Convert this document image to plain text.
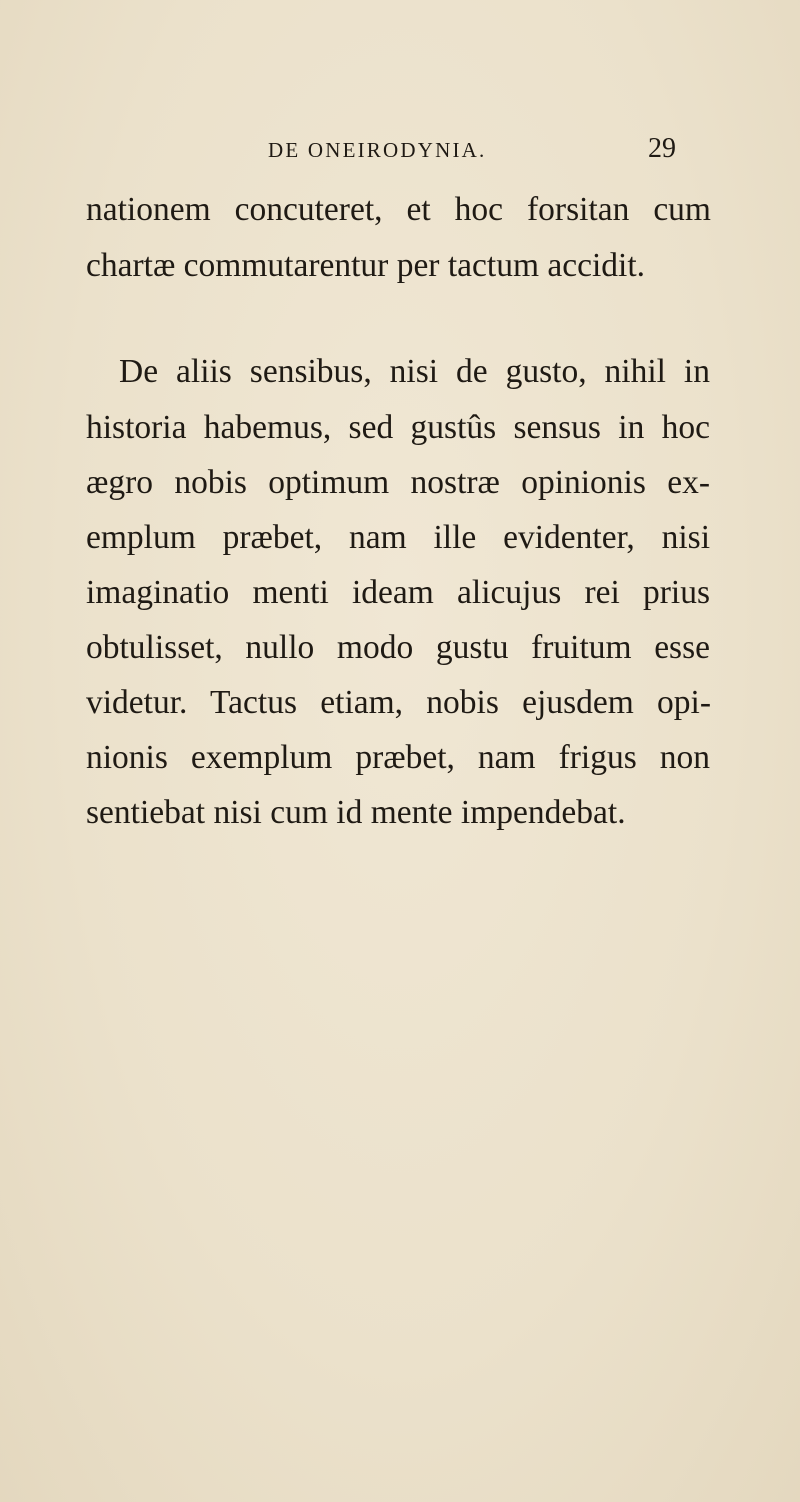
DE ONEIRODYNIA.	29
nationem concuteret, et hoc forsitan cum
chartæ commutarentur per tactum accidit.
De aliis sensibus, nisi de gusto, nihil in
historia habemus, sed gustûs sensus in hoc
ægro nobis optimum nostræ opinionis ex-
emplum præbet, nam ille evidenter, nisi
imaginatio menti ideam alicujus rei prius
obtulisset, nullo modo gustu fruitum esse
videtur. Tactus etiam, nobis ejusdem opi-
nionis exemplum præbet, nam frigus non
sentiebat nisi cum id mente impendebat.
